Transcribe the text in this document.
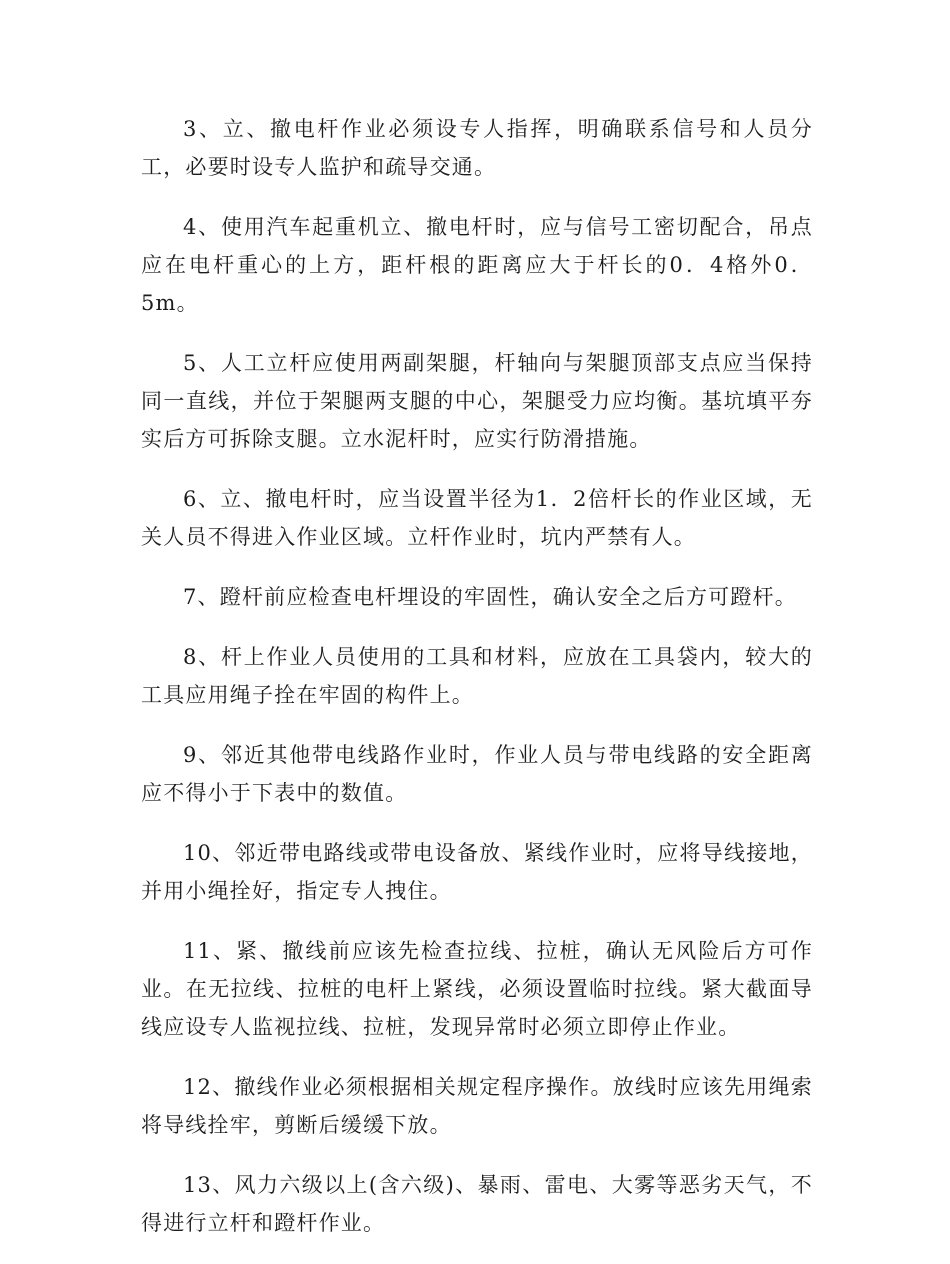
3、立、撤电杆作业必须设专人指挥，明确联系信号和人员分工，必要时设专人监护和疏导交通。

4、使用汽车起重机立、撤电杆时，应与信号工密切配合，吊点应在电杆重心的上方，距杆根的距离应大于杆长的0．4格外0．5m。

5、人工立杆应使用两副架腿，杆轴向与架腿顶部支点应当保持同一直线，并位于架腿两支腿的中心，架腿受力应均衡。基坑填平夯实后方可拆除支腿。立水泥杆时，应实行防滑措施。

6、立、撤电杆时，应当设置半径为1．2倍杆长的作业区域，无关人员不得进入作业区域。立杆作业时，坑内严禁有人。

7、蹬杆前应检查电杆埋设的牢固性，确认安全之后方可蹬杆。

8、杆上作业人员使用的工具和材料，应放在工具袋内，较大的工具应用绳子拴在牢固的构件上。

9、邻近其他带电线路作业时，作业人员与带电线路的安全距离应不得小于下表中的数值。

10、邻近带电路线或带电设备放、紧线作业时，应将导线接地，并用小绳拴好，指定专人拽住。

11、紧、撤线前应该先检查拉线、拉桩，确认无风险后方可作业。在无拉线、拉桩的电杆上紧线，必须设置临时拉线。紧大截面导线应设专人监视拉线、拉桩，发现异常时必须立即停止作业。

12、撤线作业必须根据相关规定程序操作。放线时应该先用绳索将导线拴牢，剪断后缓缓下放。

13、风力六级以上(含六级)、暴雨、雷电、大雾等恶劣天气，不得进行立杆和蹬杆作业。
